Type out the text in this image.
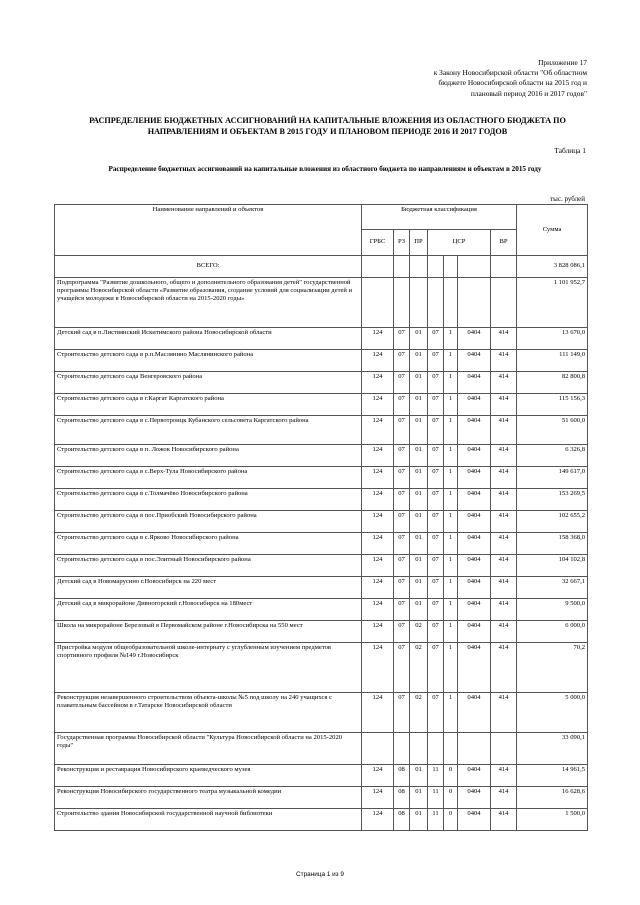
Приложение 17
к Закону Новосибирской области "Об областном
бюджете Новосибирской области на 2015 год и
плановый период 2016 и 2017 годов"
РАСПРЕДЕЛЕНИЕ БЮДЖЕТНЫХ АССИГНОВАНИЙ НА КАПИТАЛЬНЫЕ ВЛОЖЕНИЯ ИЗ ОБЛАСТНОГО БЮДЖЕТА ПО
НАПРАВЛЕНИЯМ И ОБЪЕКТАМ В 2015 ГОДУ И ПЛАНОВОМ ПЕРИОДЕ 2016 И 2017 ГОДОВ
Таблица 1
Распределение бюджетных ассигнований на капитальные вложения из областного бюджета по направлениям и объектам в 2015 году
тыс. рублей
Наименование направлений и объектов	Бюджетная классификация							Сумма
	ГРБС	РЗ	ПР	ЦСР			ВР	
ВСЕГО:								3 828 086,1
Подпрограмма "Развитие дошкольного, общего и дополнительного образования детей" государственной программы Новосибирской области «Развитие образования, создание условий для социализации детей и учащейся молодежи в Новосибирской области на 2015-2020 годы»								1 101 952,7
Детский сад в п.Листвянский Искитимского района Новосибирской области	124	07	01	07	1	0404	414	13 670,0
Строительство детского сада в р.п.Маслянино Маслянинского района	124	07	01	07	1	0404	414	111 149,0
Строительство детского сада Венгеровского района	124	07	01	07	1	0404	414	82 800,8
Строительство детского сада в г.Каргат Каргатского района	124	07	01	07	1	0404	414	115 156,3
Строительство детского сада в с.Первотроицк Кубанского сельсовета Каргатского района	124	07	01	07	1	0404	414	51 600,0
Строительство детского сада в п. Ложок Новосибирского района	124	07	01	07	1	0404	414	6 326,8
Строительство детского сада в с.Верх-Тула Новосибирского района	124	07	01	07	1	0404	414	149 617,0
Строительство детского сада в с.Толмачёво Новосибирского района	124	07	01	07	1	0404	414	153 269,5
Строительство детского сада в пос.Приобский Новосибирского района	124	07	01	07	1	0404	414	102 655,2
Строительство детского сада в с.Ярково Новосибирского района	124	07	01	07	1	0404	414	158 368,0
Строительство детского сада в пос.Элитный Новосибирского района	124	07	01	07	1	0404	414	104 102,8
Детский сад в Новомарусино г.Новосибирск на 220 мест	124	07	01	07	1	0404	414	32 667,1
Детский сад в микрорайоне Дивногорский г.Новосибирск на 180мест	124	07	01	07	1	0404	414	9 500,0
Школа на микрорайоне Березовый в Первомайском районе г.Новосибирска на 550 мест	124	07	02	07	1	0404	414	6 000,0
Пристройка модуля общеобразовательной школе-интернату с углубленным изучением предметов спортивного профиля №149 г.Новосибирск	124	07	02	07	1	0404	414	70,2
Реконструкция незавершенного строительством объекта-школы №5 под школу на 240 учащихся с плавательным бассейном в г.Татарске Новосибирской области	124	07	02	07	1	0404	414	5 000,0
Государственная программа Новосибирской области "Культура Новосибирской области на 2015-2020 годы"								33 090,1
Реконструкция и реставрация Новосибирского краеведческого музея	124	08	01	11	0	0404	414	14 961,5
Реконструкция Новосибирского государственного театра музыкальной комедии	124	08	01	11	0	0404	414	16 628,6
Строительство здания Новосибирской государственной научной библиотеки	124	08	01	11	0	0404	414	1 500,0
Страница 1 из 9
